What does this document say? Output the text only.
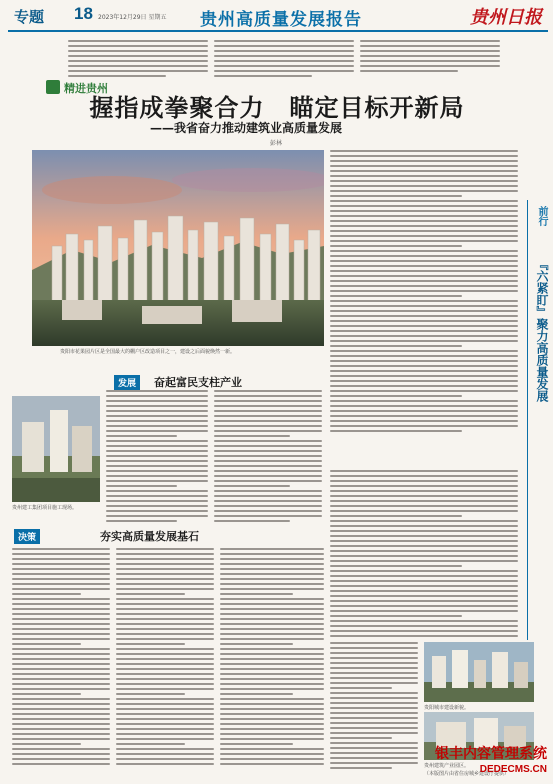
专题 18 2023年12月29日 星期五 贵州高质量发展报告	贵州日报
精进贵州
握指成拳聚合力　瞄定目标开新局
——我省奋力推动建筑业高质量发展
彭林
贵阳市花果园片区是全国最大的棚户区改造项目之一，建设之后面貌焕然一新。
前行
『六紧盯』聚力高质量发展
发展	奋起富民支柱产业
贵州建工集团项目施工现场。
决策	夯实高质量发展基石
贵阳城市建设新貌。
贵州建筑产业园区。
（本版图片由省住房城乡建设厅提供）
银丰内容管理系统
DEDECMS.CN
